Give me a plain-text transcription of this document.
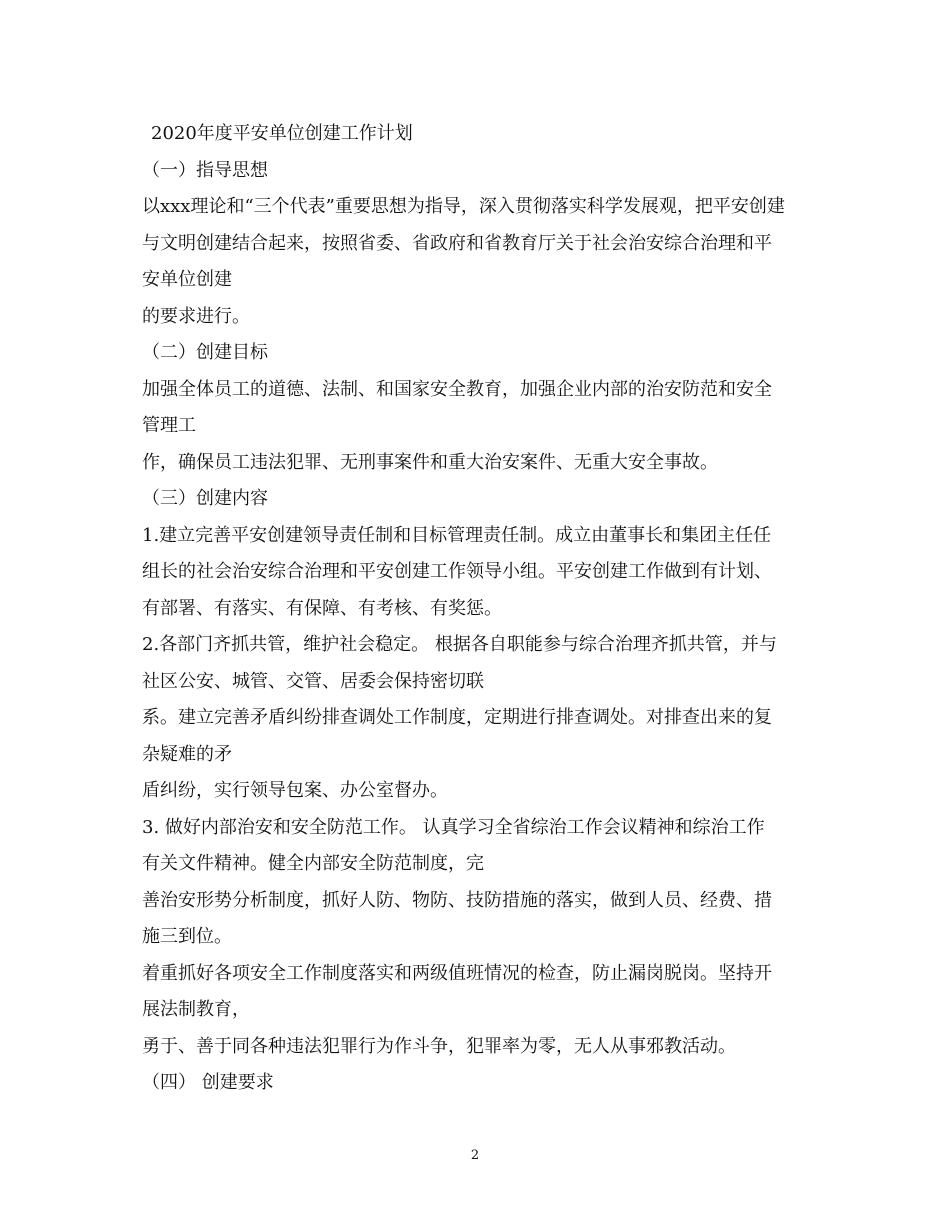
2020年度平安单位创建工作计划
（一）指导思想
以xxx理论和“三个代表”重要思想为指导，深入贯彻落实科学发展观，把平安创建
与文明创建结合起来，按照省委、省政府和省教育厅关于社会治安综合治理和平
安单位创建
的要求进行。
（二）创建目标
加强全体员工的道德、法制、和国家安全教育，加强企业内部的治安防范和安全
管理工
作，确保员工违法犯罪、无刑事案件和重大治安案件、无重大安全事故。
（三）创建内容
1.建立完善平安创建领导责任制和目标管理责任制。成立由董事长和集团主任任
组长的社会治安综合治理和平安创建工作领导小组。平安创建工作做到有计划、
有部署、有落实、有保障、有考核、有奖惩。
2.各部门齐抓共管，维护社会稳定。 根据各自职能参与综合治理齐抓共管，并与
社区公安、城管、交管、居委会保持密切联
系。建立完善矛盾纠纷排查调处工作制度，定期进行排查调处。对排查出来的复
杂疑难的矛
盾纠纷，实行领导包案、办公室督办。
3. 做好内部治安和安全防范工作。 认真学习全省综治工作会议精神和综治工作
有关文件精神。健全内部安全防范制度，完
善治安形势分析制度，抓好人防、物防、技防措施的落实，做到人员、经费、措
施三到位。
着重抓好各项安全工作制度落实和两级值班情况的检查，防止漏岗脱岗。坚持开
展法制教育，
勇于、善于同各种违法犯罪行为作斗争，犯罪率为零，无人从事邪教活动。
（四） 创建要求
2
